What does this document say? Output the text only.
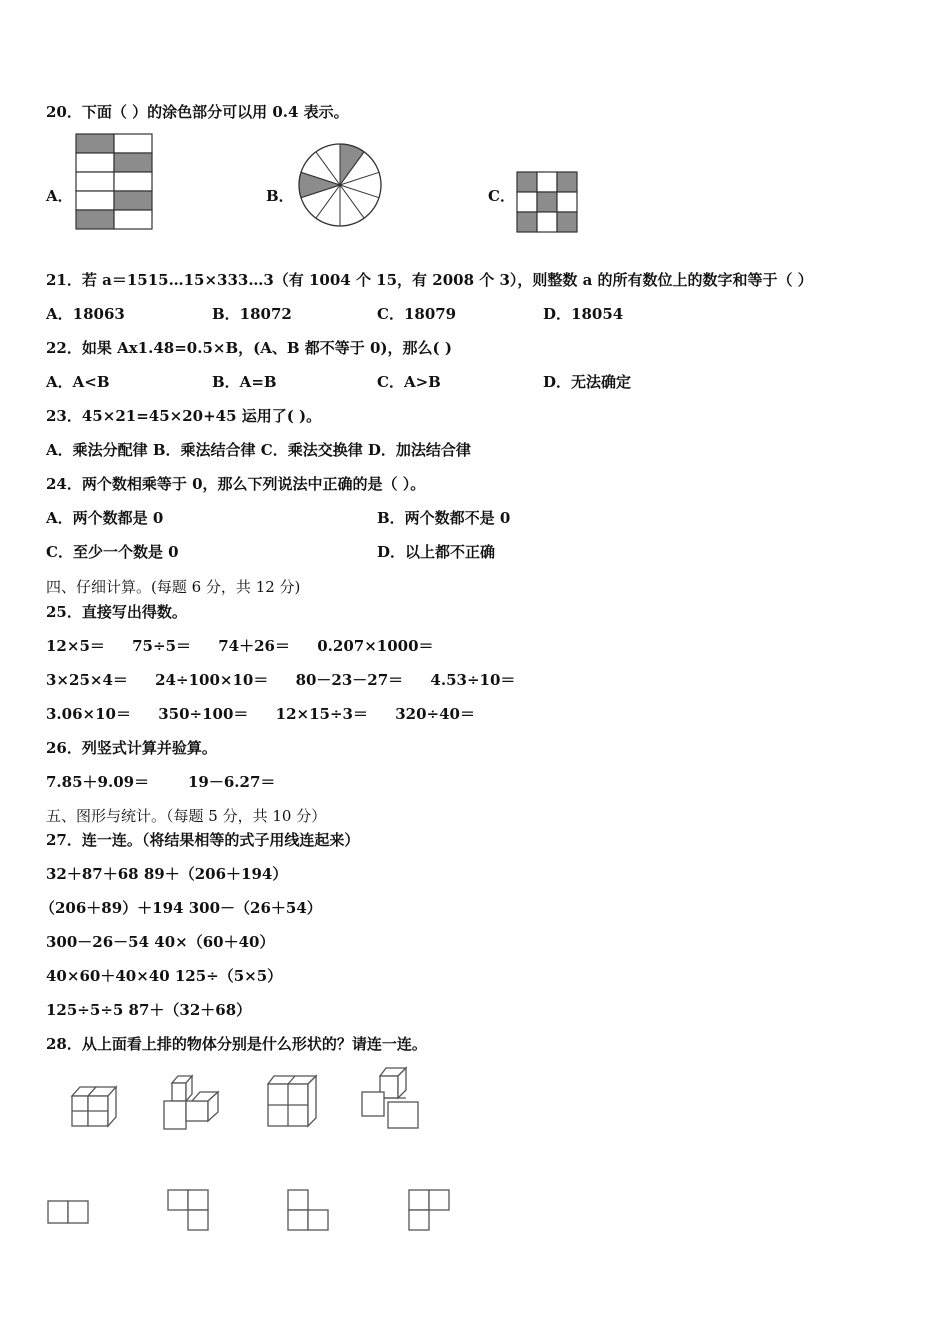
20．下面（ ）的涂色部分可以用 0.4 表示。
A．	B．	C．
21．若 a＝1515…15×333…3（有 1004 个 15，有 2008 个 3），则整数 a 的所有数位上的数字和等于（ ）
A．18063	B．18072	C．18079	D．18054
22．如果 Ax1.48=0.5×B，(A、B 都不等于 0)，那么( )
A．A<B	B．A=B	C．A>B	D．无法确定
23．45×21=45×20+45 运用了( )。
A．乘法分配律 B．乘法结合律 C．乘法交换律 D．加法结合律
24．两个数相乘等于 0，那么下列说法中正确的是（ ）。
A．两个数都是 0	B．两个数都不是 0
C．至少一个数是 0	D．以上都不正确
四、仔细计算。(每题 6 分，共 12 分)
25．直接写出得数。
12×5＝ 75÷5＝ 74＋26＝ 0.207×1000＝
3×25×4＝ 24÷100×10＝ 80－23－27＝ 4.53÷10＝
3.06×10＝ 350÷100＝ 12×15÷3＝ 320÷40＝
26．列竖式计算并验算。
7.85＋9.09＝	19－6.27＝
五、图形与统计。（每题 5 分，共 10 分）
27．连一连。（将结果相等的式子用线连起来）
32＋87＋68 89＋（206＋194）
（206＋89）＋194 300－（26＋54）
300－26－54 40×（60＋40）
40×60＋40×40 125÷（5×5）
125÷5÷5 87＋（32＋68）
28．从上面看上排的物体分别是什么形状的？请连一连。
